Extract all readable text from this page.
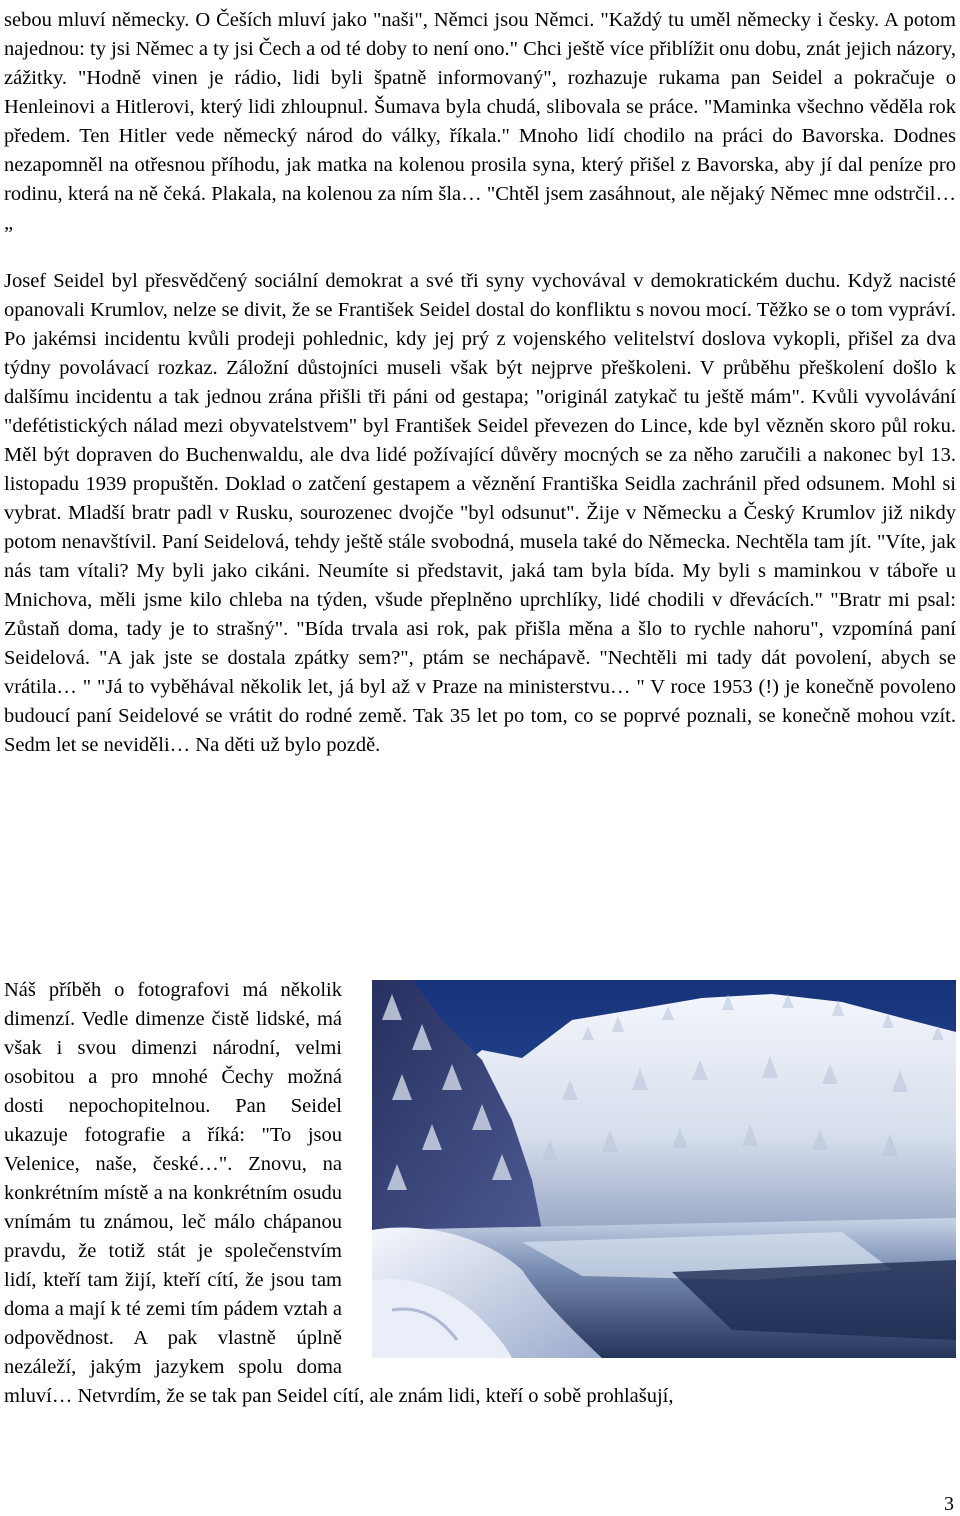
sebou mluví německy. O Češích mluví jako "naši", Němci jsou Němci. "Každý tu uměl německy i česky. A potom najednou: ty jsi Němec a ty jsi Čech a od té doby to není ono." Chci ještě více přiblížit onu dobu, znát jejich názory, zážitky. "Hodně vinen je rádio, lidi byli špatně informovaný", rozhazuje rukama pan Seidel a pokračuje o Henleinovi a Hitlerovi, který lidi zhloupnul. Šumava byla chudá, slibovala se práce. "Maminka všechno věděla rok předem. Ten Hitler vede německý národ do války, říkala." Mnoho lidí chodilo na práci do Bavorska. Dodnes nezapomněl na otřesnou příhodu, jak matka na kolenou prosila syna, který přišel z Bavorska, aby jí dal peníze pro rodinu, která na ně čeká. Plakala, na kolenou za ním šla… "Chtěl jsem zasáhnout, ale nějaký Němec mne odstrčil… „

Josef Seidel byl přesvědčený sociální demokrat a své tři syny vychovával v demokratickém duchu. Když nacisté opanovali Krumlov, nelze se divit, že se František Seidel dostal do konfliktu s novou mocí. Těžko se o tom vypráví. Po jakémsi incidentu kvůli prodeji pohlednic, kdy jej prý z vojenského velitelství doslova vykopli, přišel za dva týdny povolávací rozkaz. Záložní důstojníci museli však být nejprve přeškoleni. V průběhu přeškolení došlo k dalšímu incidentu a tak jednou zrána přišli tři páni od gestapa; "originál zatykač tu ještě mám". Kvůli vyvolávání "defétistických nálad mezi obyvatelstvem" byl František Seidel převezen do Lince, kde byl vězněn skoro půl roku. Měl být dopraven do Buchenwaldu, ale dva lidé požívající důvěry mocných se za něho zaručili a nakonec byl 13. listopadu 1939 propuštěn. Doklad o zatčení gestapem a věznění Františka Seidla zachránil před odsunem. Mohl si vybrat. Mladší bratr padl v Rusku, sourozenec dvojče "byl odsunut". Žije v Německu a Český Krumlov již nikdy potom nenavštívil. Paní Seidelová, tehdy ještě stále svobodná, musela také do Německa. Nechtěla tam jít. "Víte, jak nás tam vítali? My byli jako cikáni. Neumíte si představit, jaká tam byla bída. My byli s maminkou v táboře u Mnichova, měli jsme kilo chleba na týden, všude přeplněno uprchlíky, lidé chodili v dřevácích." "Bratr mi psal: Zůstaň doma, tady je to strašný". "Bída trvala asi rok, pak přišla měna a šlo to rychle nahoru", vzpomíná paní Seidelová. "A jak jste se dostala zpátky sem?", ptám se nechápavě. "Nechtěli mi tady dát povolení, abych se vrátila… " "Já to vyběhával několik let, já byl až v Praze na ministerstvu… " V roce 1953 (!) je konečně povoleno budoucí paní Seidelové se vrátit do rodné země. Tak 35 let po tom, co se poprvé poznali, se konečně mohou vzít. Sedm let se neviděli… Na děti už bylo pozdě.

Náš příběh o fotografovi má několik dimenzí. Vedle dimenze čistě lidské, má však i svou dimenzi národní, velmi osobitou a pro mnohé Čechy možná dosti nepochopitelnou. Pan Seidel ukazuje fotografie a říká: "To jsou Velenice, naše, české…". Znovu, na konkrétním místě a na konkrétním osudu vnímám tu známou, leč málo chápanou pravdu, že totiž stát je společenstvím lidí, kteří tam žijí, kteří cítí, že jsou tam doma a mají k té zemi tím pádem vztah a odpovědnost. A pak vlastně úplně nezáleží, jakým jazykem spolu doma mluví… Netvrdím, že se tak pan Seidel cítí, ale znám lidi, kteří o sobě prohlašují,

3
